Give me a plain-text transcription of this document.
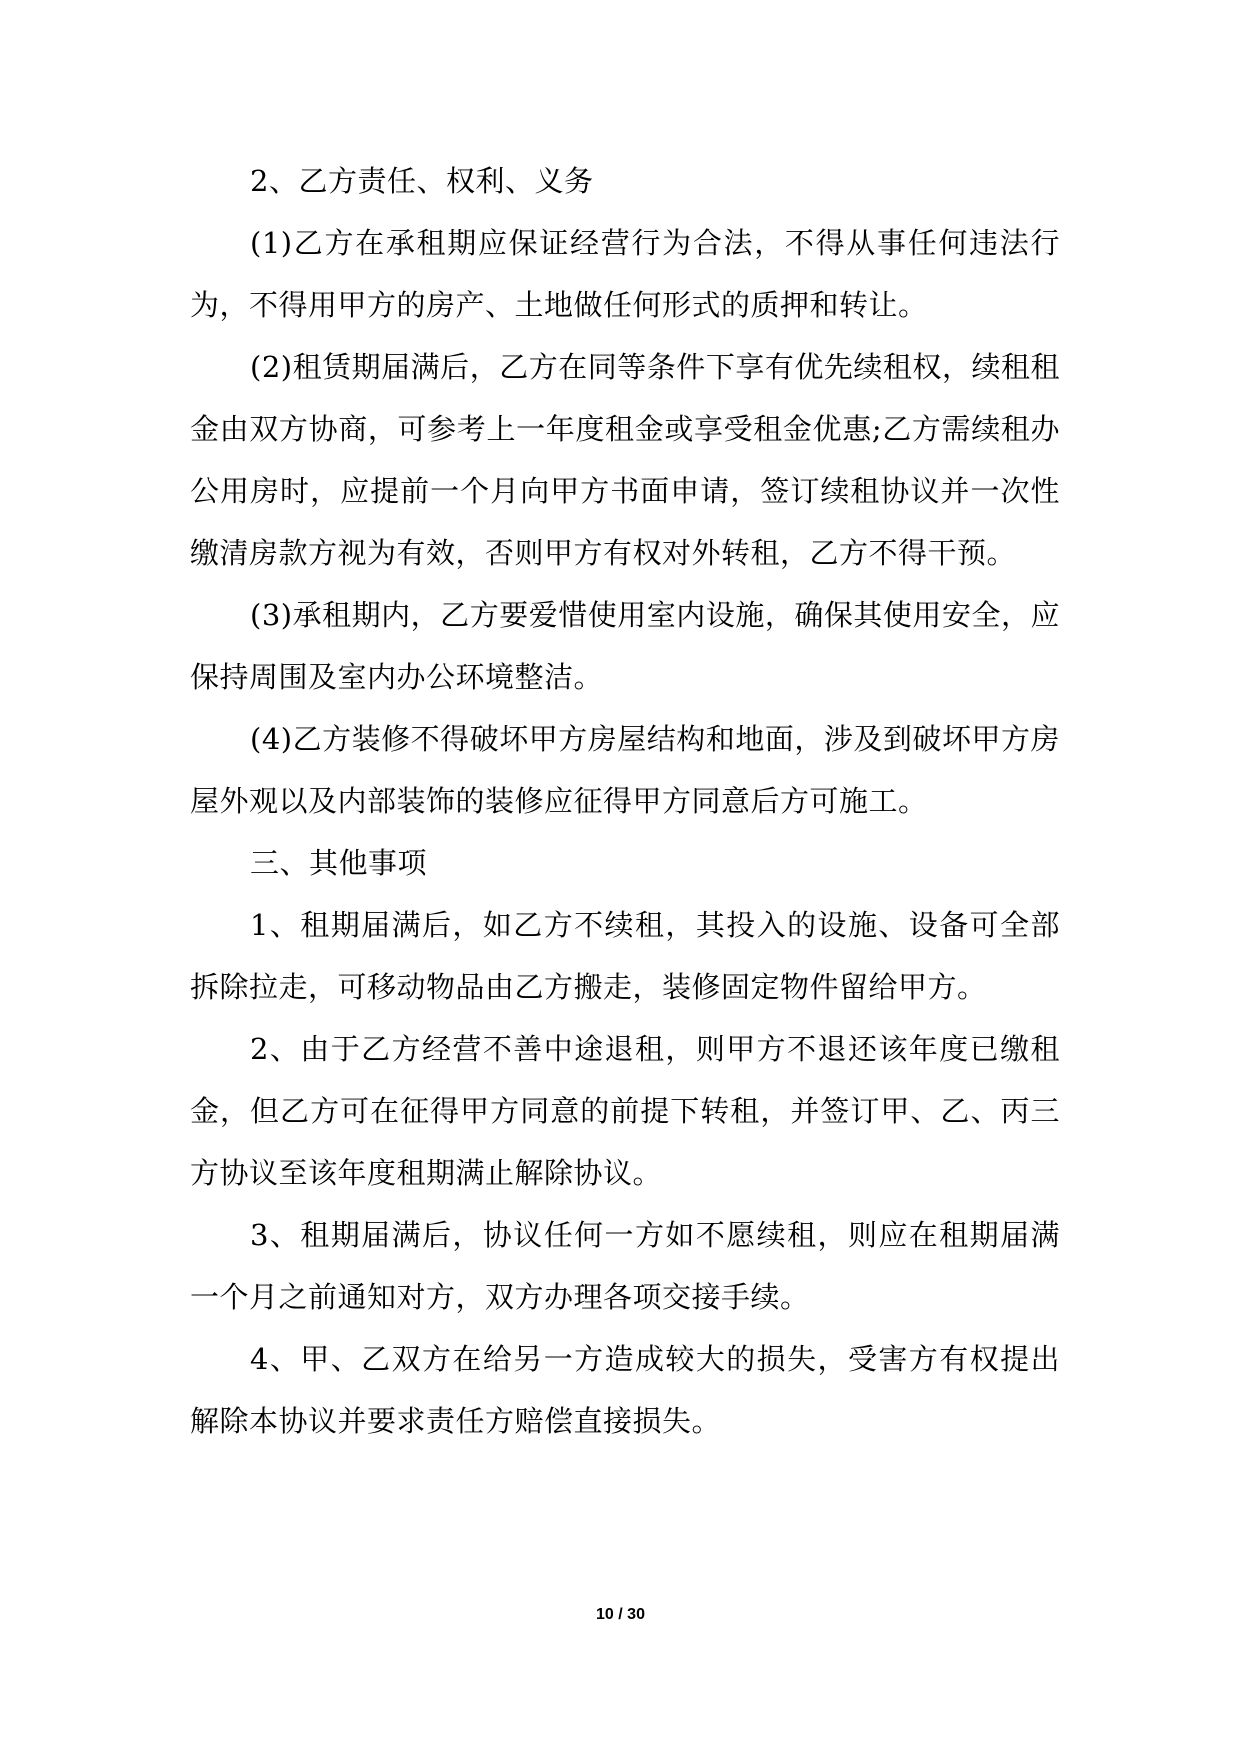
2、乙方责任、权利、义务

(1)乙方在承租期应保证经营行为合法，不得从事任何违法行为，不得用甲方的房产、土地做任何形式的质押和转让。

(2)租赁期届满后，乙方在同等条件下享有优先续租权，续租租金由双方协商，可参考上一年度租金或享受租金优惠;乙方需续租办公用房时，应提前一个月向甲方书面申请，签订续租协议并一次性缴清房款方视为有效，否则甲方有权对外转租，乙方不得干预。

(3)承租期内，乙方要爱惜使用室内设施，确保其使用安全，应保持周围及室内办公环境整洁。

(4)乙方装修不得破坏甲方房屋结构和地面，涉及到破坏甲方房屋外观以及内部装饰的装修应征得甲方同意后方可施工。

三、其他事项

1、租期届满后，如乙方不续租，其投入的设施、设备可全部拆除拉走，可移动物品由乙方搬走，装修固定物件留给甲方。

2、由于乙方经营不善中途退租，则甲方不退还该年度已缴租金，但乙方可在征得甲方同意的前提下转租，并签订甲、乙、丙三方协议至该年度租期满止解除协议。

3、租期届满后，协议任何一方如不愿续租，则应在租期届满一个月之前通知对方，双方办理各项交接手续。

4、甲、乙双方在给另一方造成较大的损失，受害方有权提出解除本协议并要求责任方赔偿直接损失。

10 / 30
